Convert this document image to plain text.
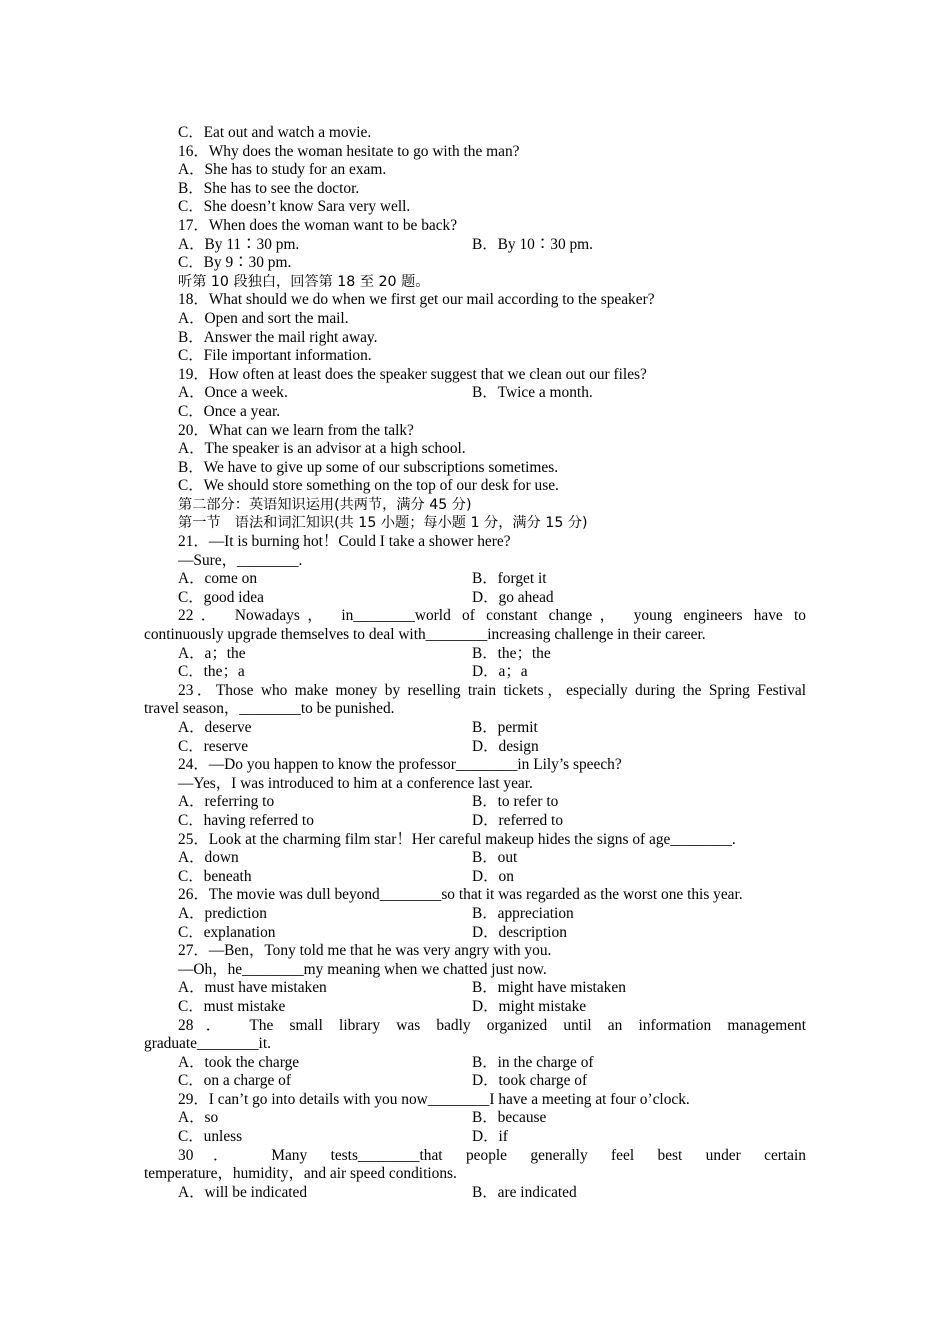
C．Eat out and watch a movie.
16．Why does the woman hesitate to go with the man?
A．She has to study for an exam.
B．She has to see the doctor.
C．She doesn’t know Sara very well.
17．When does the woman want to be back?
A．By 11∶30 pm.	B．By 10∶30 pm.
C．By 9∶30 pm.
听第 10 段独白，回答第 18 至 20 题。
18．What should we do when we first get our mail according to the speaker?
A．Open and sort the mail.
B．Answer the mail right away.
C．File important information.
19．How often at least does the speaker suggest that we clean out our files?
A．Once a week.	B．Twice a month.
C．Once a year.
20．What can we learn from the talk?
A．The speaker is an advisor at a high school.
B．We have to give up some of our subscriptions sometimes.
C．We should store something on the top of our desk for use.
第二部分：英语知识运用(共两节，满分 45 分)
第一节　语法和词汇知识(共 15 小题；每小题 1 分，满分 15 分)
21．—It is burning hot！Could I take a shower here?
—Sure，________.
A．come on	B．forget it
C．good idea	D．go ahead
22． Nowadays， in________world of constant change， young engineers have to
continuously upgrade themselves to deal with________increasing challenge in their career.
A．a；the	B．the；the
C．the；a	D．a；a
23．Those who make money by reselling train tickets，especially during the Spring Festival
travel season，________to be punished.
A．deserve	B．permit
C．reserve	D．design
24．—Do you happen to know the professor________in Lily’s speech?
—Yes，I was introduced to him at a conference last year.
A．referring to	B．to refer to
C．having referred to	D．referred to
25．Look at the charming film star！Her careful makeup hides the signs of age________.
A．down	B．out
C．beneath	D．on
26．The movie was dull beyond________so that it was regarded as the worst one this year.
A．prediction	B．appreciation
C．explanation	D．description
27．—Ben，Tony told me that he was very angry with you.
—Oh，he________my meaning when we chatted just now.
A．must have mistaken	B．might have mistaken
C．must mistake	D．might mistake
28． The small library was badly organized until an information management
graduate________it.
A．took the charge	B．in the charge of
C．on a charge of	D．took charge of
29．I can’t go into details with you now________I have a meeting at four o’clock.
A．so	B．because
C．unless	D．if
30． Many tests________that people generally feel best under certain
temperature，humidity，and air speed conditions.
A．will be indicated	B．are indicated
